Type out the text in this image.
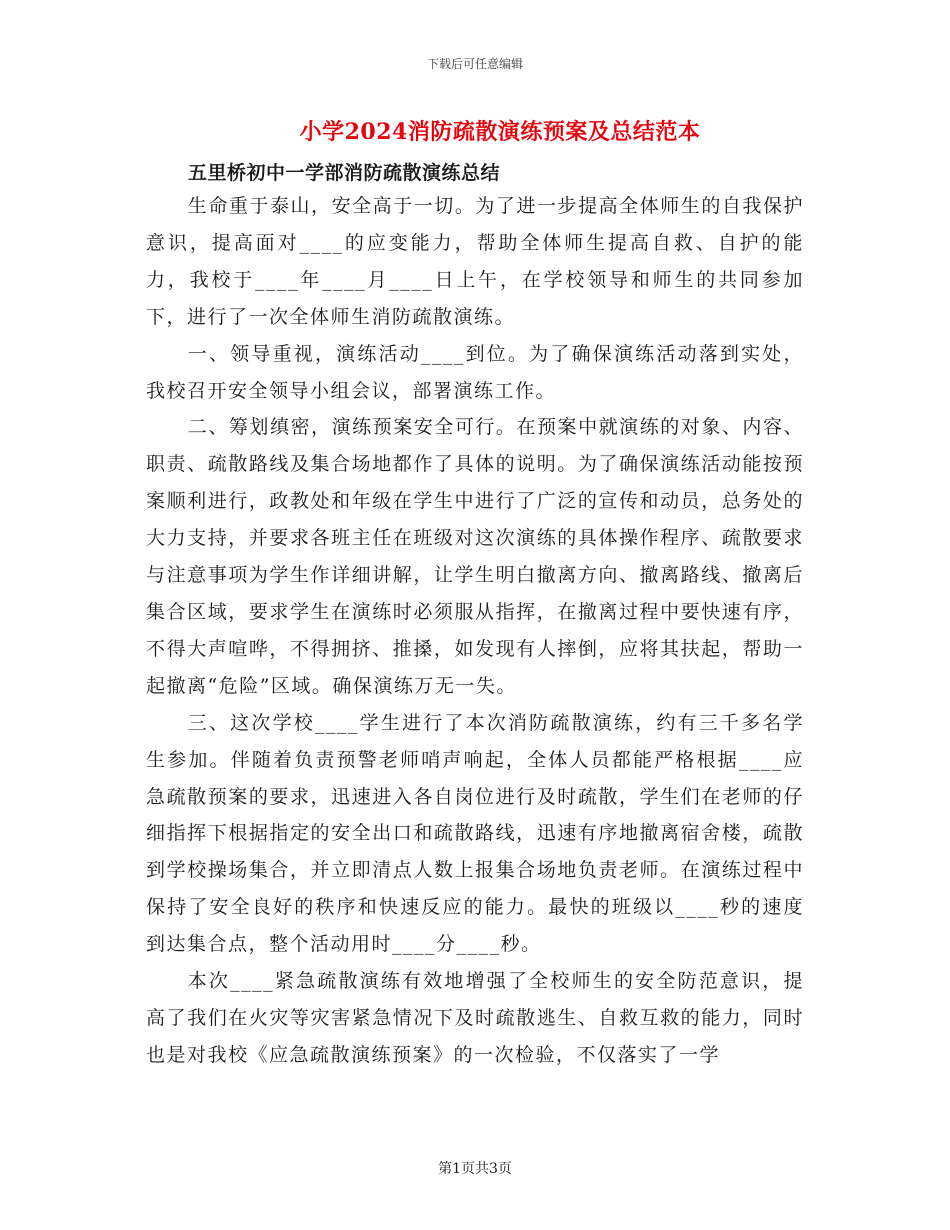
下载后可任意编辑
小学2024消防疏散演练预案及总结范本
五里桥初中一学部消防疏散演练总结

生命重于泰山，安全高于一切。为了进一步提高全体师生的自我保护意识，提高面对____的应变能力，帮助全体师生提高自救、自护的能力，我校于____年____月____日上午，在学校领导和师生的共同参加下，进行了一次全体师生消防疏散演练。

一、领导重视，演练活动____到位。为了确保演练活动落到实处，我校召开安全领导小组会议，部署演练工作。

二、筹划缜密，演练预案安全可行。在预案中就演练的对象、内容、职责、疏散路线及集合场地都作了具体的说明。为了确保演练活动能按预案顺利进行，政教处和年级在学生中进行了广泛的宣传和动员，总务处的大力支持，并要求各班主任在班级对这次演练的具体操作程序、疏散要求与注意事项为学生作详细讲解，让学生明白撤离方向、撤离路线、撤离后集合区域，要求学生在演练时必须服从指挥，在撤离过程中要快速有序，不得大声喧哗，不得拥挤、推搡，如发现有人摔倒，应将其扶起，帮助一起撤离“危险”区域。确保演练万无一失。

三、这次学校____学生进行了本次消防疏散演练，约有三千多名学生参加。伴随着负责预警老师哨声响起，全体人员都能严格根据____应急疏散预案的要求，迅速进入各自岗位进行及时疏散，学生们在老师的仔细指挥下根据指定的安全出口和疏散路线，迅速有序地撤离宿舍楼，疏散到学校操场集合，并立即清点人数上报集合场地负责老师。在演练过程中保持了安全良好的秩序和快速反应的能力。最快的班级以____秒的速度到达集合点，整个活动用时____分____秒。

本次____紧急疏散演练有效地增强了全校师生的安全防范意识，提高了我们在火灾等灾害紧急情况下及时疏散逃生、自救互救的能力，同时也是对我校《应急疏散演练预案》的一次检验，不仅落实了一学

第1页共3页
